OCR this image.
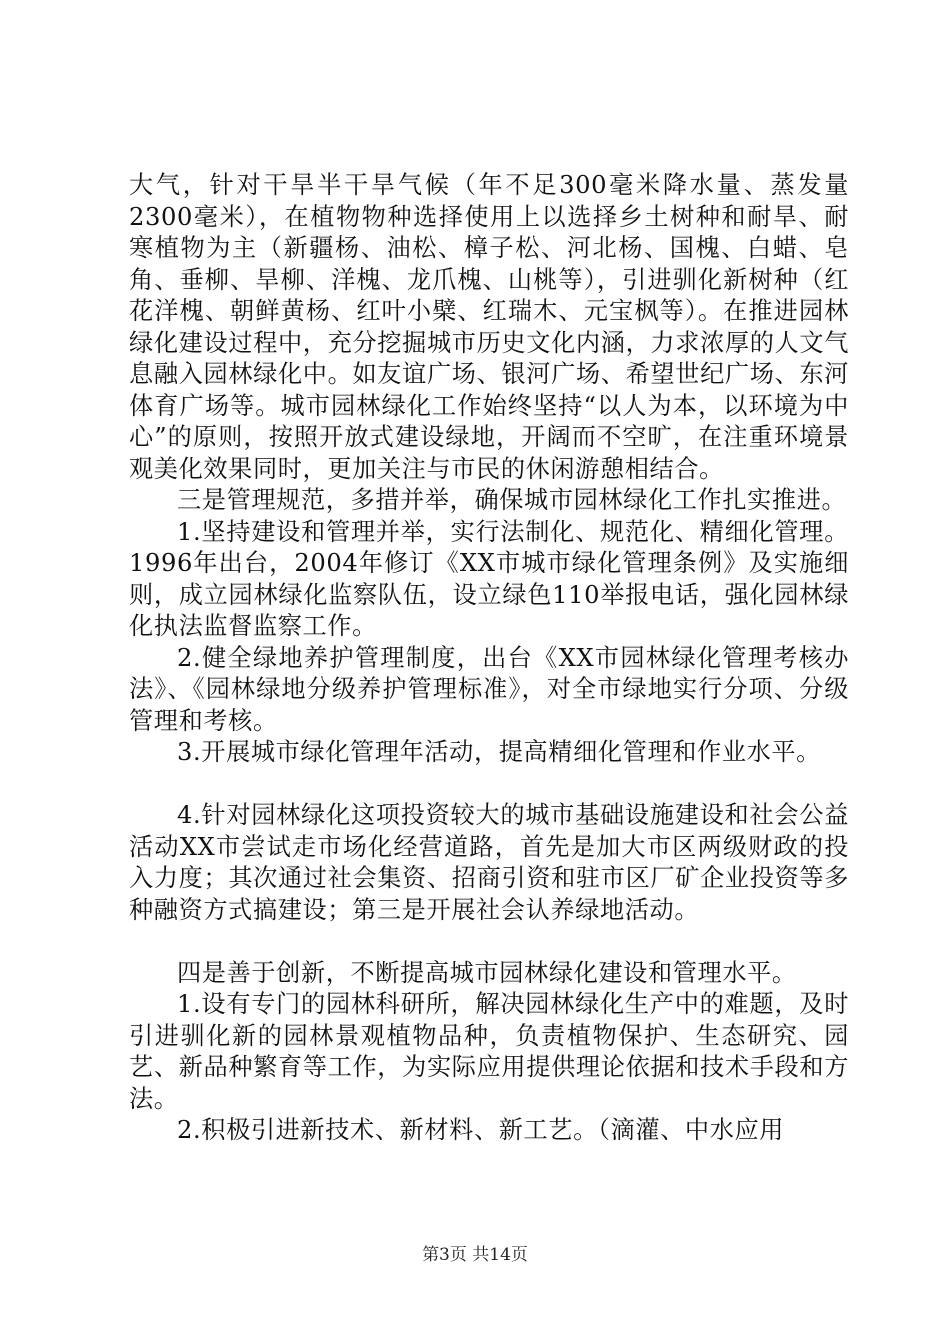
大气，针对干旱半干旱气候（年不足300毫米降水量、蒸发量2300毫米），在植物物种选择使用上以选择乡土树种和耐旱、耐寒植物为主（新疆杨、油松、樟子松、河北杨、国槐、白蜡、皂角、垂柳、旱柳、洋槐、龙爪槐、山桃等），引进驯化新树种（红花洋槐、朝鲜黄杨、红叶小檗、红瑞木、元宝枫等）。在推进园林绿化建设过程中，充分挖掘城市历史文化内涵，力求浓厚的人文气息融入园林绿化中。如友谊广场、银河广场、希望世纪广场、东河体育广场等。城市园林绿化工作始终坚持“以人为本，以环境为中心”的原则，按照开放式建设绿地，开阔而不空旷，在注重环境景观美化效果同时，更加关注与市民的休闲游憩相结合。

三是管理规范，多措并举，确保城市园林绿化工作扎实推进。

1.坚持建设和管理并举，实行法制化、规范化、精细化管理。1996年出台，2004年修订《XX市城市绿化管理条例》及实施细则，成立园林绿化监察队伍，设立绿色110举报电话，强化园林绿化执法监督监察工作。

2.健全绿地养护管理制度，出台《XX市园林绿化管理考核办法》、《园林绿地分级养护管理标准》，对全市绿地实行分项、分级管理和考核。

3.开展城市绿化管理年活动，提高精细化管理和作业水平。

4.针对园林绿化这项投资较大的城市基础设施建设和社会公益活动XX市尝试走市场化经营道路，首先是加大市区两级财政的投入力度；其次通过社会集资、招商引资和驻市区厂矿企业投资等多种融资方式搞建设；第三是开展社会认养绿地活动。

四是善于创新，不断提高城市园林绿化建设和管理水平。

1.设有专门的园林科研所，解决园林绿化生产中的难题，及时引进驯化新的园林景观植物品种，负责植物保护、生态研究、园艺、新品种繁育等工作，为实际应用提供理论依据和技术手段和方法。

2.积极引进新技术、新材料、新工艺。（滴灌、中水应用

第3页 共14页
